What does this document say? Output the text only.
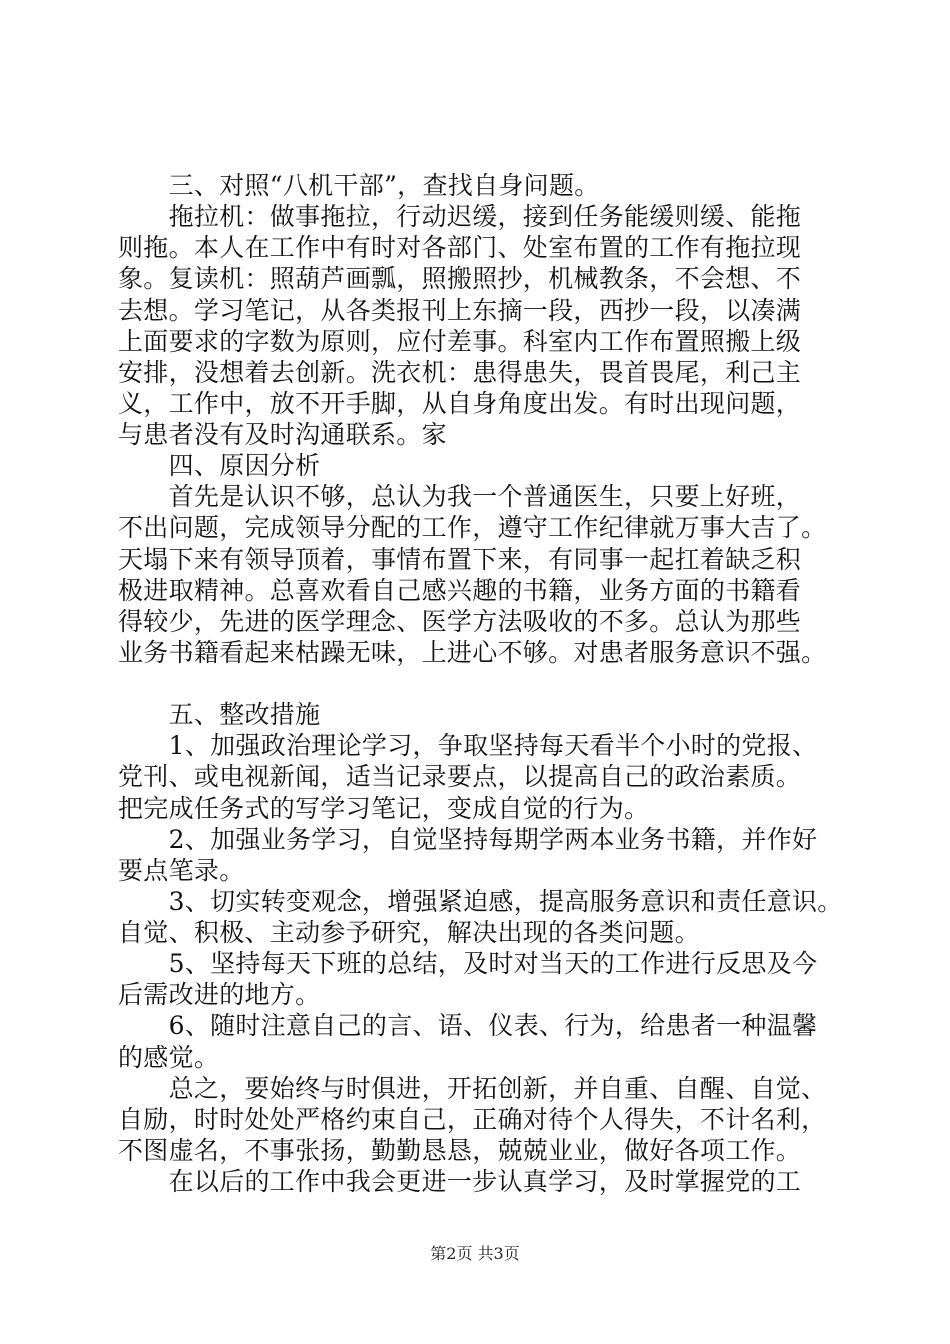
　　三、对照“八机干部”，查找自身问题。
　　拖拉机：做事拖拉，行动迟缓，接到任务能缓则缓、能拖
则拖。本人在工作中有时对各部门、处室布置的工作有拖拉现
象。复读机：照葫芦画瓢，照搬照抄，机械教条，不会想、不
去想。学习笔记，从各类报刊上东摘一段，西抄一段，以凑满
上面要求的字数为原则，应付差事。科室内工作布置照搬上级
安排，没想着去创新。洗衣机：患得患失，畏首畏尾，利己主
义，工作中，放不开手脚，从自身角度出发。有时出现问题，
与患者没有及时沟通联系。家
　　四、原因分析
　　首先是认识不够，总认为我一个普通医生，只要上好班，
不出问题，完成领导分配的工作，遵守工作纪律就万事大吉了。
天塌下来有领导顶着，事情布置下来，有同事一起扛着缺乏积
极进取精神。总喜欢看自己感兴趣的书籍，业务方面的书籍看
得较少，先进的医学理念、医学方法吸收的不多。总认为那些
业务书籍看起来枯躁无味，上进心不够。对患者服务意识不强。
　　五、整改措施
　　1、加强政治理论学习，争取坚持每天看半个小时的党报、
党刊、或电视新闻，适当记录要点，以提高自己的政治素质。
把完成任务式的写学习笔记，变成自觉的行为。
　　2、加强业务学习，自觉坚持每期学两本业务书籍，并作好
要点笔录。
　　3、切实转变观念，增强紧迫感，提高服务意识和责任意识。
自觉、积极、主动参予研究，解决出现的各类问题。
　　5、坚持每天下班的总结，及时对当天的工作进行反思及今
后需改进的地方。
　　6、随时注意自己的言、语、仪表、行为，给患者一种温馨
的感觉。
　　总之，要始终与时俱进，开拓创新，并自重、自醒、自觉、
自励，时时处处严格约束自己，正确对待个人得失，不计名利，
不图虚名，不事张扬，勤勤恳恳，兢兢业业，做好各项工作。
　　在以后的工作中我会更进一步认真学习，及时掌握党的工
第2页 共3页
